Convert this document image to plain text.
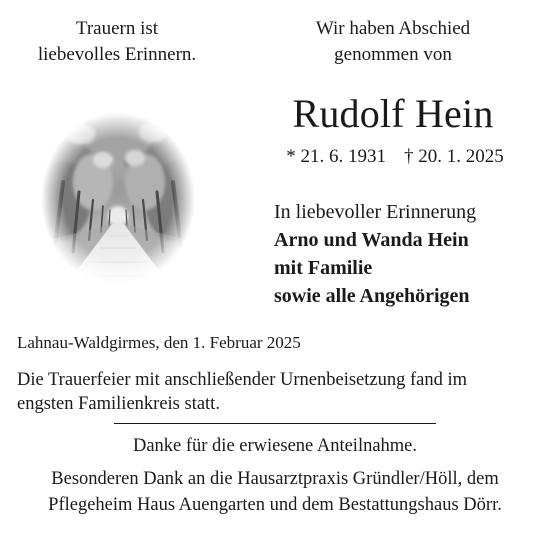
Trauern ist
liebevolles Erinnern.
Wir haben Abschied
genommen von
Rudolf Hein
* 21. 6. 1931 † 20. 1. 2025
In liebevoller Erinnerung
Arno und Wanda Hein
mit Familie
sowie alle Angehörigen
Lahnau-Waldgirmes, den 1. Februar 2025
Die Trauerfeier mit anschließender Urnenbeisetzung fand im
engsten Familienkreis statt.
Danke für die erwiesene Anteilnahme.
Besonderen Dank an die Hausarztpraxis Gründler/Höll, dem
Pflegeheim Haus Auengarten und dem Bestattungshaus Dörr.
